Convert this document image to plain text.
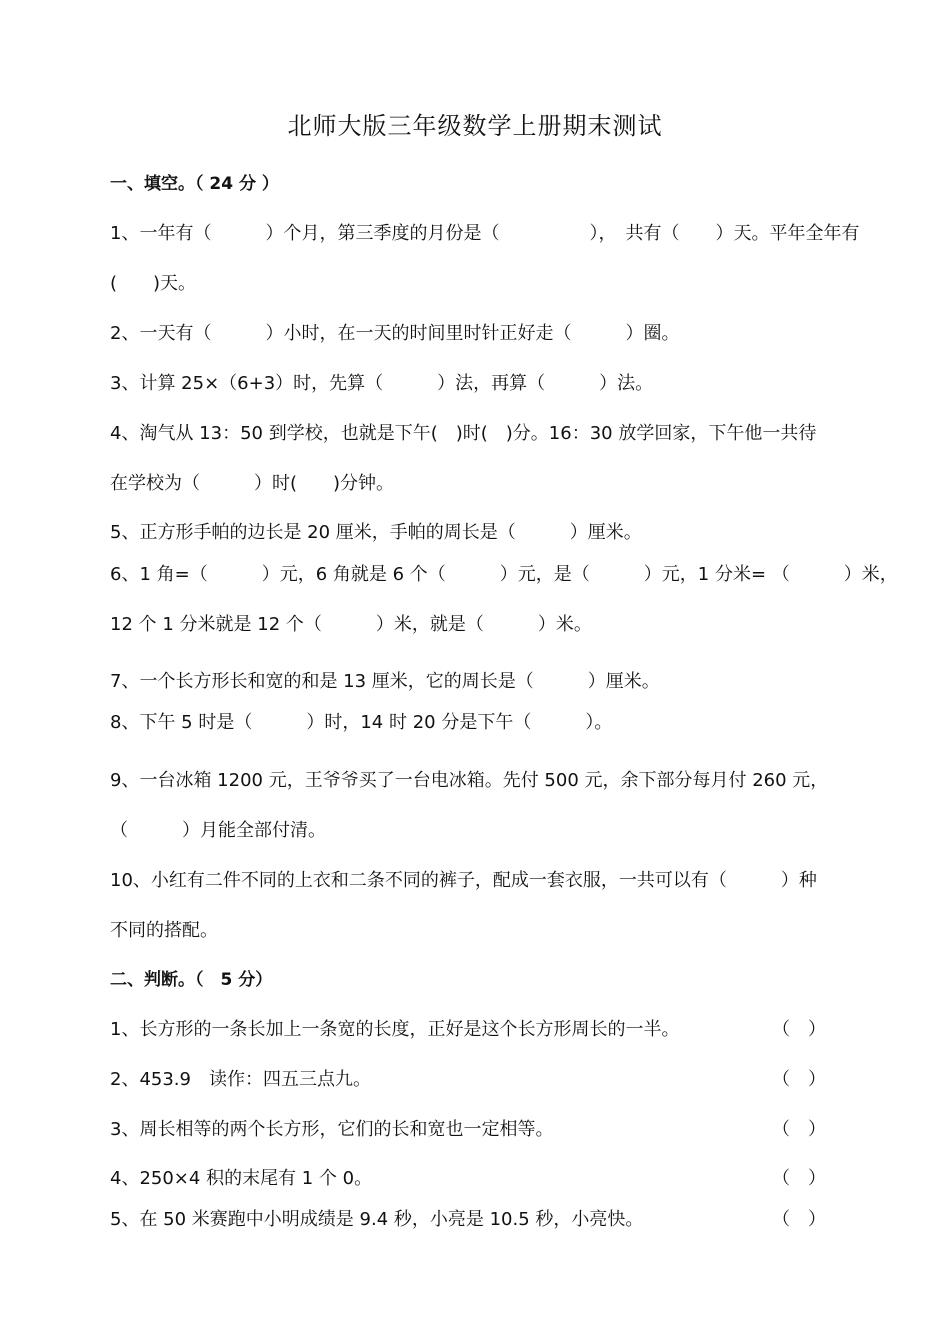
北师大版三年级数学上册期末测试
一、填空。（ 24 分 ）
1、一年有（　　　）个月，第三季度的月份是（　　　　　），　共有（　　）天。平年全年有
(　　)天。
2、一天有（　　　）小时，在一天的时间里时针正好走（　　　）圈。
3、计算 25×（6+3）时，先算（　　　）法，再算（　　　）法。
4、淘气从 13：50 到学校，也就是下午(　)时(　)分。16：30 放学回家，下午他一共待
在学校为（　　　）时(　　)分钟。
5、正方形手帕的边长是 20 厘米，手帕的周长是（　　　）厘米。
6、1 角=（　　　）元，6 角就是 6 个（　　　）元，是（　　　）元，1 分米= （　　　）米，
12 个 1 分米就是 12 个（　　　）米，就是（　　　）米。
7、一个长方形长和宽的和是 13 厘米，它的周长是（　　　）厘米。
8、下午 5 时是（　　　）时，14 时 20 分是下午（　　　）。
9、一台冰箱 1200 元，王爷爷买了一台电冰箱。先付 500 元，余下部分每月付 260 元，
（　　　）月能全部付清。
10、小红有二件不同的上衣和二条不同的裤子，配成一套衣服，一共可以有（　　　）种
不同的搭配。
二、判断。（　5 分）
1、长方形的一条长加上一条宽的长度，正好是这个长方形周长的一半。	（　）
2、453.9　读作：四五三点九。	（　）
3、周长相等的两个长方形，它们的长和宽也一定相等。	（　）
4、250×4 积的末尾有 1 个 0。	（　）
5、在 50 米赛跑中小明成绩是 9.4 秒，小亮是 10.5 秒，小亮快。	（　）
